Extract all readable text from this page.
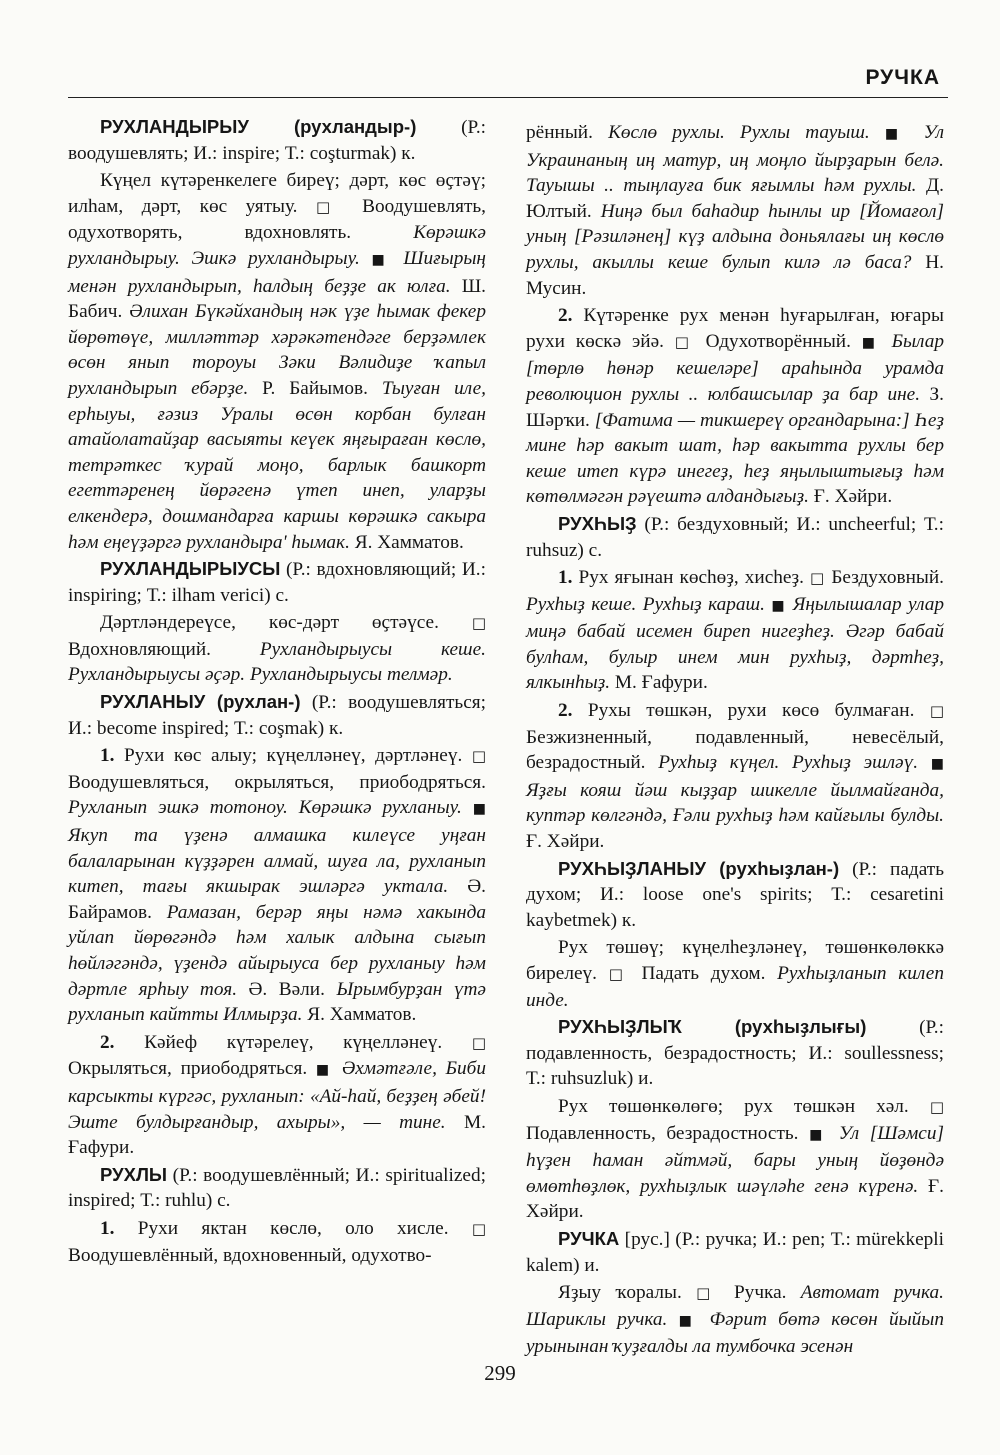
РУЧКА

РУХЛАНДЫРЫУ (рухландыр-) (Р.: воодушевлять; И.: inspire; Т.: coşturmak) к.

Күңел күтәренкелеге биреү; дәрт, көс өҫтәү; илһам, дәрт, көс уятыу. □ Воодушевлять, одухотворять, вдохновлять. Көрәшкә рухландырыу. Эшкә рухландырыу. ■ Шиғырың менән рухландырып, һалдың беҙҙе ак юлға. Ш. Бабич. Әлихан Бүкәйхандың нәк үҙе һымак фекер йөрөтөүе, милләттәр хәрәкәтендәге берҙәмлек өсөн янып тороуы Зәки Вәлидиҙе ҡапыл рухландырып ебәрҙе. Р. Байымов. Тыуған иле, ерһыуы, ғәзиз Уралы өсөн корбан булған атайолатайҙар васыяты кеүек яңғыраған көслө, тетрәткес ҡурай моңо, барлык башкорт егеттәренең йөрәгенә үтеп инеп, уларҙы елкендерә, дошмандарға каршы көрәшкә сакыра һәм еңеүҙәргә рухландыра' һымак. Я. Хамматов.

РУХЛАНДЫРЫУСЫ (Р.: вдохновляющий; И.: inspiring; Т.: ilham verici) с.

Дәртләндереүсе, көс-дәрт өҫтәүсе. □ Вдохновляющий. Рухландырыусы кеше. Рухландырыусы әҫәр. Рухландырыусы телмәр.

РУХЛАНЫУ (рухлан-) (Р.: воодушевляться; И.: become inspired; Т.: coşmak) к.

1. Рухи көс алыу; күңелләнеү, дәртләнеү. □ Воодушевляться, окрыляться, приободряться. Рухланып эшкә тотоноу. Көрәшкә рухланыу. ■ Якуп та үҙенә алмашка килеүсе уңған балаларынан күҙҙәрен алмай, шуға ла, рухланып китеп, тағы якшырак эшләргә уктала. Ә. Байрамов. Рамазан, берәр яңы нәмә хакында уйлап йөрөгәндә һәм халык алдына сығып һөйләгәндә, үҙендә айырыуса бер рухланыу һәм дәртле ярһыу тоя. Ә. Вәли. Ырымбурҙан үтә рухланып кайтты Илмырҙа. Я. Хамматов.

2. Кәйеф күтәрелеү, күңелләнеү. □ Окрыляться, приободряться. ■ Әхмәтғәле, Биби карсыкты күргәс, рухланып: «Ай-һай, беҙҙең әбей! Эште булдырғандыр, ахыры», — тине. М. Ғафури.

РУХЛЫ (Р.: воодушевлённый; И.: spiritualized; inspired; Т.: ruhlu) с.

1. Рухи яктан көслө, оло хисле. □ Воодушевлённый, вдохновенный, одухотво-

рённый. Көслө рухлы. Рухлы тауыш. ■ Ул Украинаның иң матур, иң моңло йырҙарын белә. Тауышы .. тыңлауға бик яғымлы һәм рухлы. Д. Юлтый. Ниңә был баһадир һынлы ир [Йомағол] уның [Рәзиләнең] күҙ алдына доньялағы иң көслө рухлы, акыллы кеше булып килә лә баса? Н. Мусин.

2. Күтәренке рух менән һуғарылған, юғары рухи көскә эйә. □ Одухотворённый. ■ Былар [төрлө һөнәр кешеләре] араһында урамда революцион рухлы .. юлбашсылар ҙа бар ине. З. Шәрҡи. [Фатима — тикшереү органдарына:] Һеҙ мине һәр вакыт шат, һәр вакытта рухлы бер кеше итеп күрә инегеҙ, һеҙ яңылыштығыҙ һәм көтөлмәгән рәүештә алдандығыҙ. Ғ. Хәйри.

РУХҺЫҘ (Р.: бездуховный; И.: uncheerful; Т.: ruhsuz) с.

1. Рух яғынан көсһөҙ, хисһеҙ. □ Бездуховный. Рухһыҙ кеше. Рухһыҙ караш. ■ Яңылышалар улар миңә бабай исемен биреп нигеҙһеҙ. Әгәр бабай булһам, булыр инем мин рухһыҙ, дәртһеҙ, ялкынһыҙ. М. Ғафури.

2. Рухы төшкән, рухи көсө булмаған. □ Безжизненный, подавленный, невесёлый, безрадостный. Рухһыҙ күңел. Рухһыҙ эшләү. ■ Яҙғы кояш йәш кыҙҙар шикелле йылмайғанда, куптәр көлгәндә, Ғәли рухһыҙ һәм кайғылы булды. Ғ. Хәйри.

РУХҺЫҘЛАНЫУ (рухһыҙлан-) (Р.: падать духом; И.: loose one's spirits; Т.: cesaretini kaybetmek) к.

Рух төшөү; күңелһеҙләнеү, төшөнкөлөккә бирелеү. □ Падать духом. Рухһыҙланып килеп инде.

РУХҺЫҘЛЫҠ (рухһыҙлығы) (Р.: подавленность, безрадостность; И.: soullessness; Т.: ruhsuzluk) и.

Рух төшөнкөлөгө; рух төшкән хәл. □ Подавленность, безрадостность. ■ Ул [Шәмси] һүҙен һаман әйтмәй, бары уның йөҙөндә өмөтһөҙлөк, рухһыҙлык шәүләһе генә күренә. Ғ. Хәйри.

РУЧКА [рус.] (Р.: ручка; И.: pen; Т.: mürekkepli kalem) и.

Яҙыу ҡоралы. □ Ручка. Автомат ручка. Шарикл​ы ручка. ■ Фәрит бөтә көсөн йыйып урынынан ҡуҙғалды ла тумбочка эсенән

299
